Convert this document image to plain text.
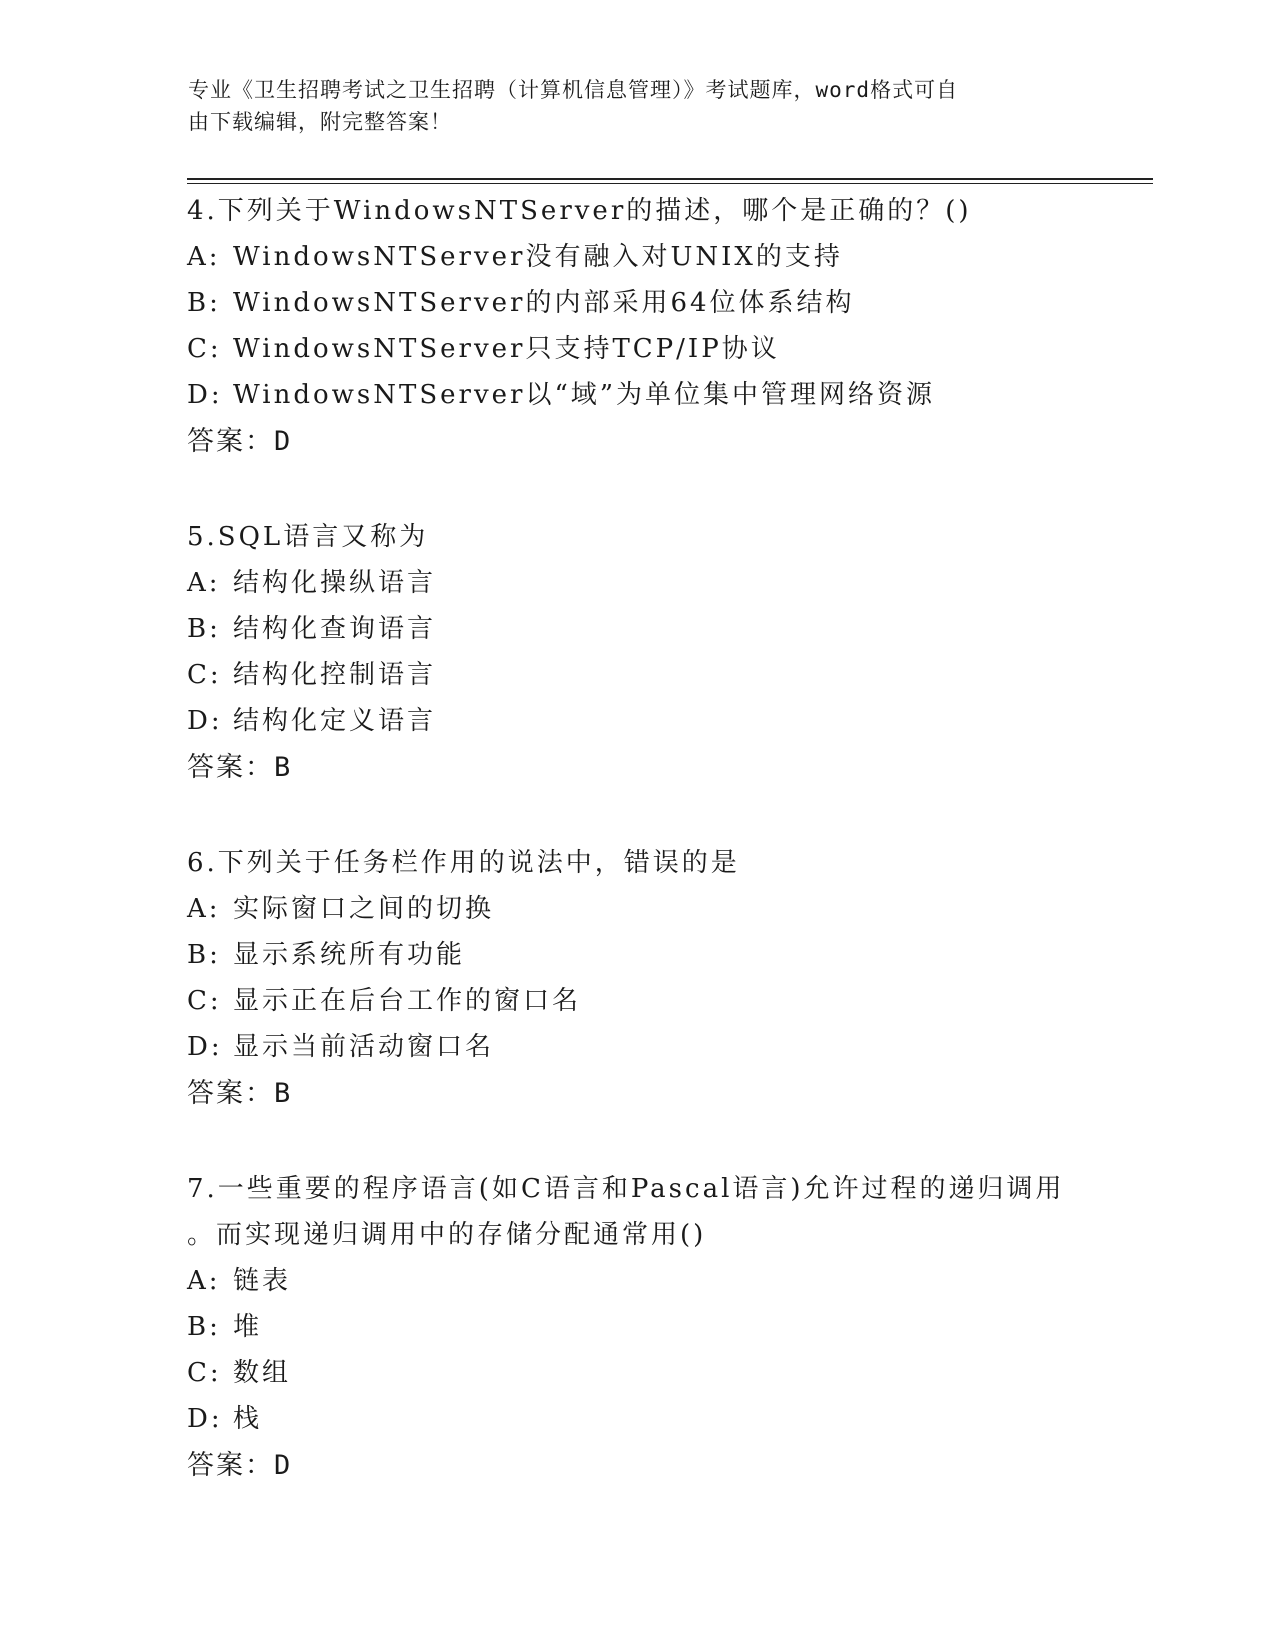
专业《卫生招聘考试之卫生招聘（计算机信息管理）》考试题库，word格式可自
由下载编辑，附完整答案！
4.下列关于WindowsNTServer的描述，哪个是正确的？()
A: WindowsNTServer没有融入对UNIX的支持
B: WindowsNTServer的内部采用64位体系结构
C: WindowsNTServer只支持TCP/IP协议
D: WindowsNTServer以“域”为单位集中管理网络资源
答案：D
5.SQL语言又称为
A: 结构化操纵语言
B: 结构化查询语言
C: 结构化控制语言
D: 结构化定义语言
答案：B
6.下列关于任务栏作用的说法中，错误的是
A: 实际窗口之间的切换
B: 显示系统所有功能
C: 显示正在后台工作的窗口名
D: 显示当前活动窗口名
答案：B
7.一些重要的程序语言(如C语言和Pascal语言)允许过程的递归调用
。而实现递归调用中的存储分配通常用()
A: 链表
B: 堆
C: 数组
D: 栈
答案：D
